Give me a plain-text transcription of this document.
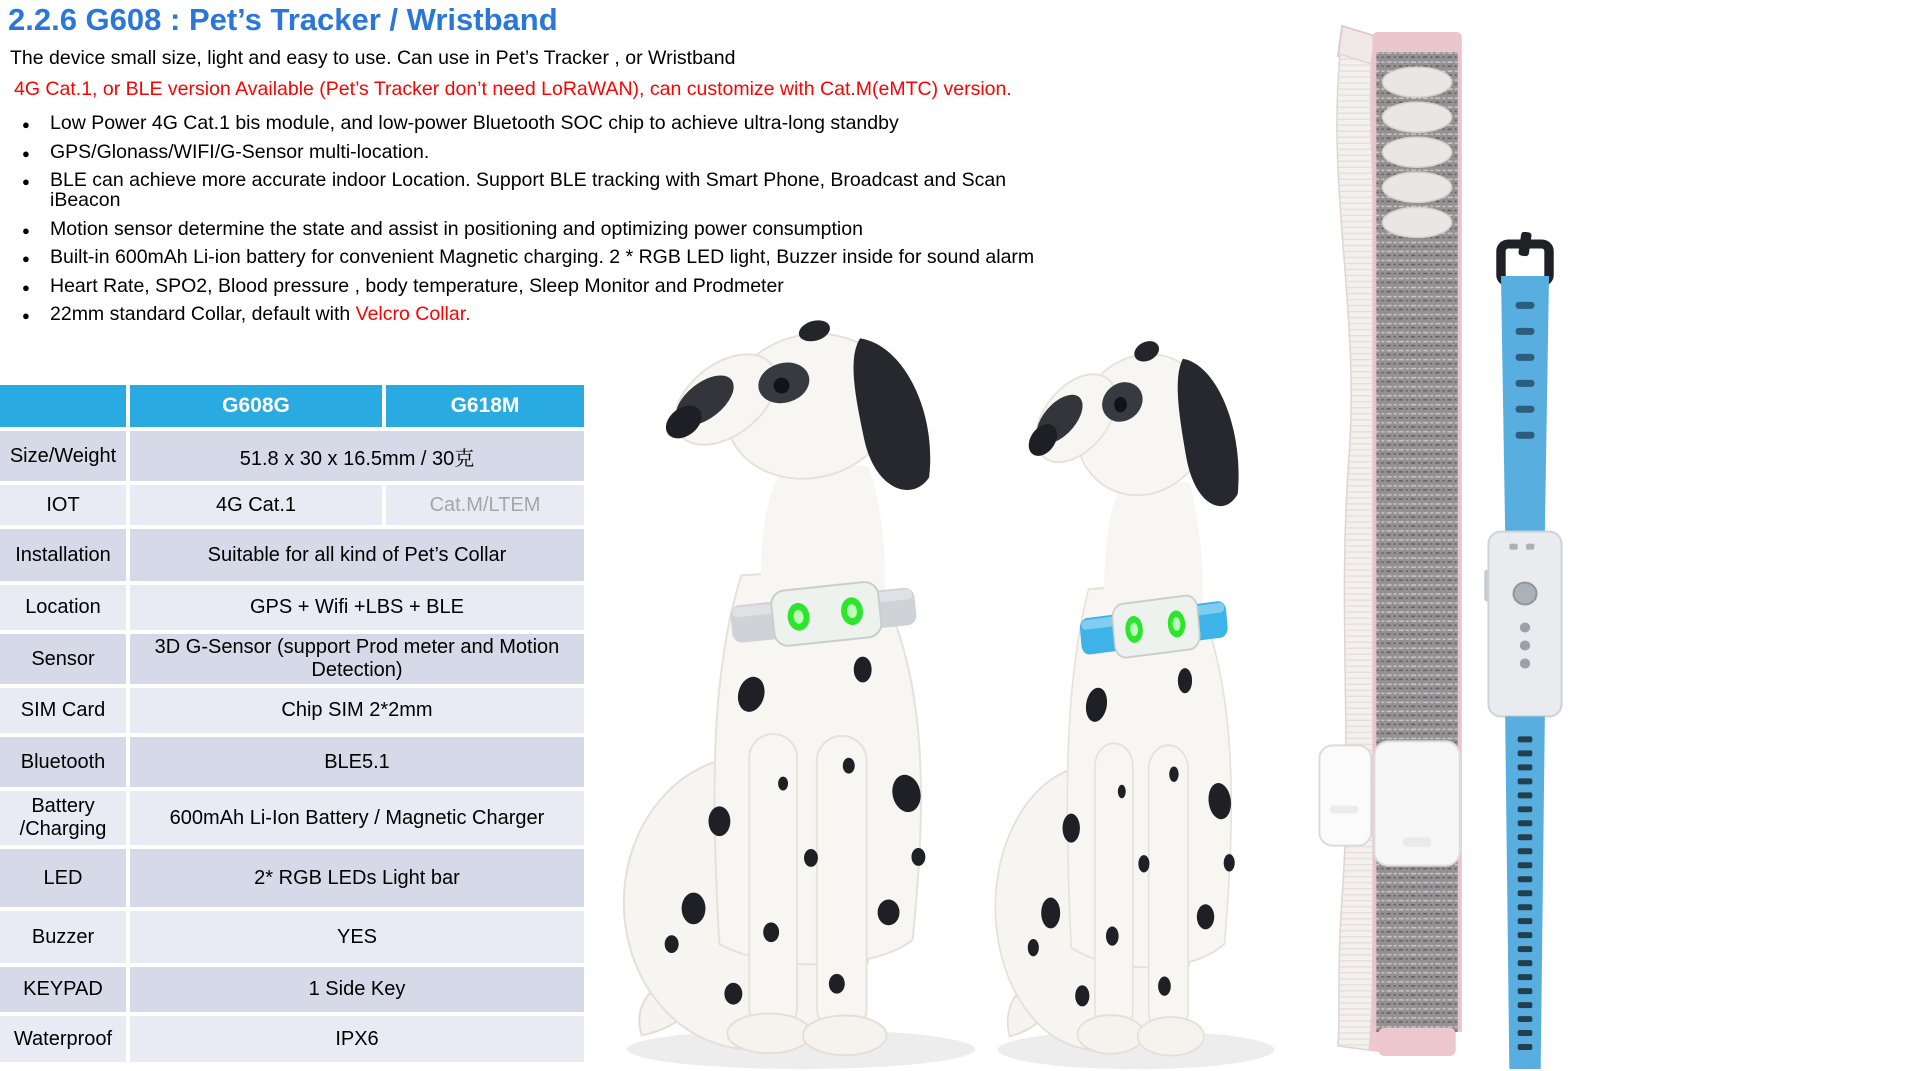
2.2.6 G608 : Pet’s Tracker / Wristband

The device small size, light and easy to use. Can use in Pet’s Tracker , or Wristband

4G Cat.1, or BLE version Available (Pet’s Tracker don’t need LoRaWAN), can customize with Cat.M(eMTC) version.

● Low Power 4G Cat.1 bis module, and low-power Bluetooth SOC chip to achieve ultra-long standby
● GPS/Glonass/WIFI/G-Sensor multi-location.
● BLE can achieve more accurate indoor Location. Support BLE tracking with Smart Phone, Broadcast and Scan iBeacon
● Motion sensor determine the state and assist in positioning and optimizing power consumption
● Built-in 600mAh Li-ion battery for convenient Magnetic charging. 2 * RGB LED light, Buzzer inside for sound alarm
● Heart Rate, SPO2, Blood pressure , body temperature, Sleep Monitor and Prodmeter
● 22mm standard Collar, default with Velcro Collar.
	G608G	G618M
Size/Weight	51.8 x 30 x 16.5mm / 30克	
IOT	4G Cat.1	Cat.M/LTEM
Installation	Suitable for all kind of Pet’s Collar	
Location	GPS + Wifi +LBS + BLE	
Sensor	3D G-Sensor (support Prod meter and Motion Detection)	
SIM Card	Chip SIM 2*2mm	
Bluetooth	BLE5.1	
Battery /Charging	600mAh Li-Ion Battery / Magnetic Charger	
LED	2* RGB LEDs Light bar	
Buzzer	YES	
KEYPAD	1 Side Key	
Waterproof	IPX6	
